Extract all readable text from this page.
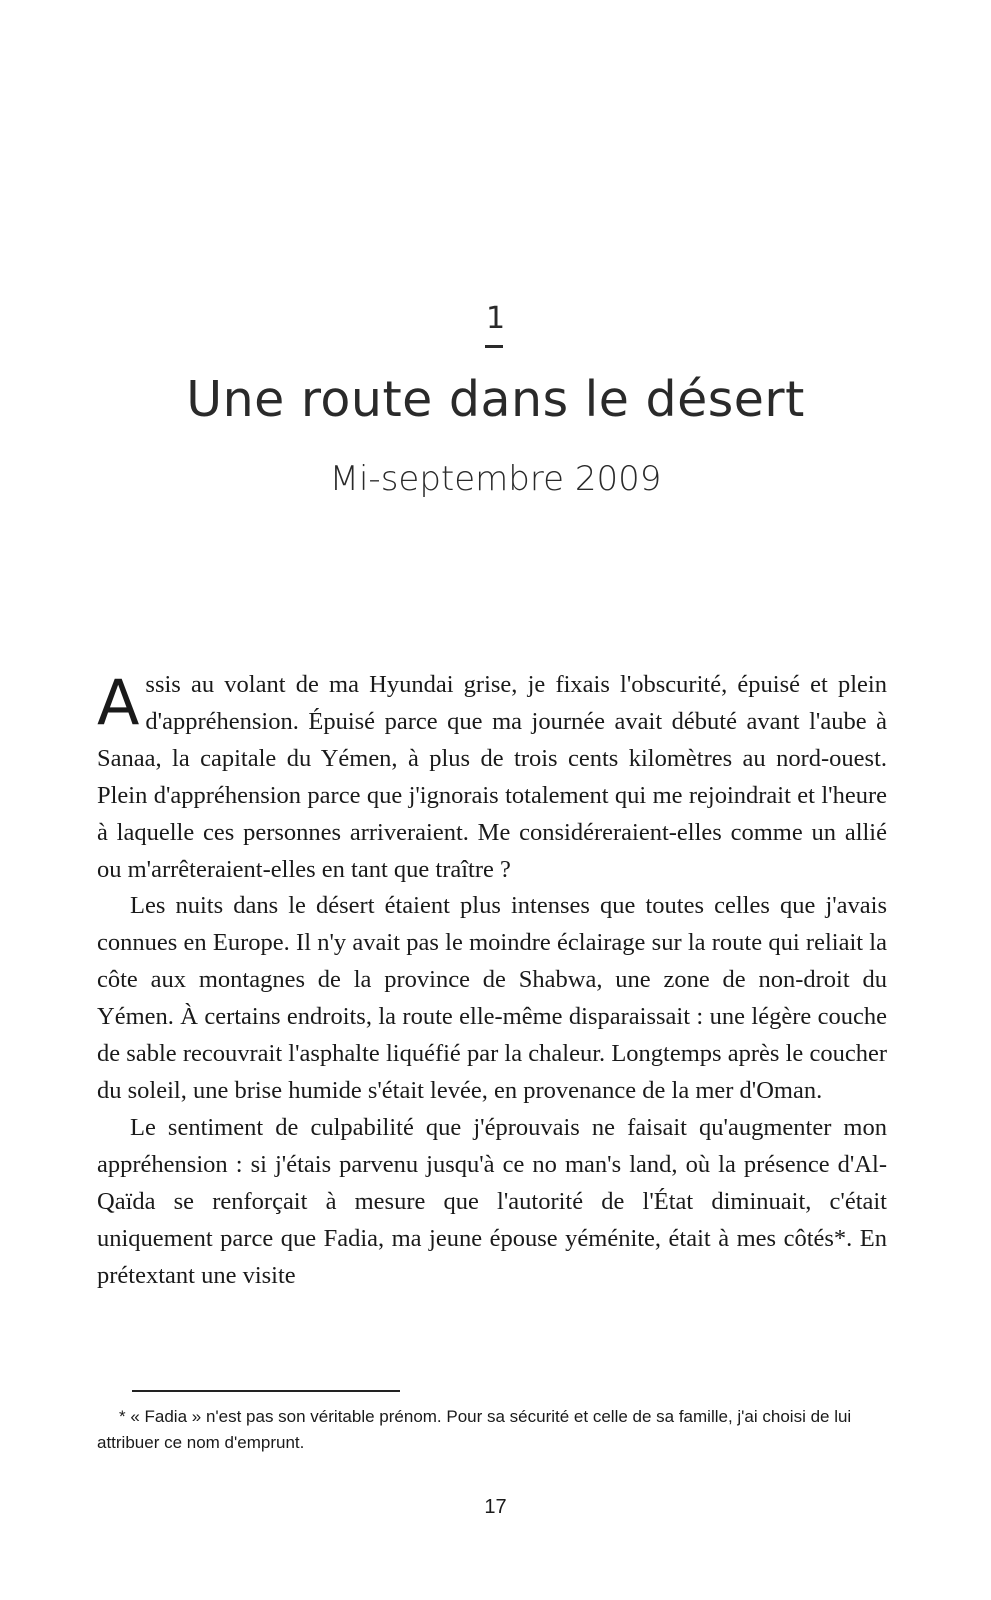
1
Une route dans le désert
Mi-septembre 2009

Assis au volant de ma Hyundai grise, je fixais l'obscurité, épuisé et plein d'appréhension. Épuisé parce que ma journée avait débuté avant l'aube à Sanaa, la capitale du Yémen, à plus de trois cents kilomètres au nord-ouest. Plein d'appréhension parce que j'ignorais totalement qui me rejoindrait et l'heure à laquelle ces personnes arriveraient. Me considéreraient-elles comme un allié ou m'arrêteraient-elles en tant que traître ?

Les nuits dans le désert étaient plus intenses que toutes celles que j'avais connues en Europe. Il n'y avait pas le moindre éclairage sur la route qui reliait la côte aux montagnes de la province de Shabwa, une zone de non-droit du Yémen. À certains endroits, la route elle-même disparaissait : une légère couche de sable recouvrait l'asphalte liquéfié par la chaleur. Longtemps après le coucher du soleil, une brise humide s'était levée, en provenance de la mer d'Oman.

Le sentiment de culpabilité que j'éprouvais ne faisait qu'augmenter mon appréhension : si j'étais parvenu jusqu'à ce no man's land, où la présence d'Al-Qaïda se renforçait à mesure que l'autorité de l'État diminuait, c'était uniquement parce que Fadia, ma jeune épouse yéménite, était à mes côtés*. En prétextant une visite

* « Fadia » n'est pas son véritable prénom. Pour sa sécurité et celle de sa famille, j'ai choisi de lui attribuer ce nom d'emprunt.
17
